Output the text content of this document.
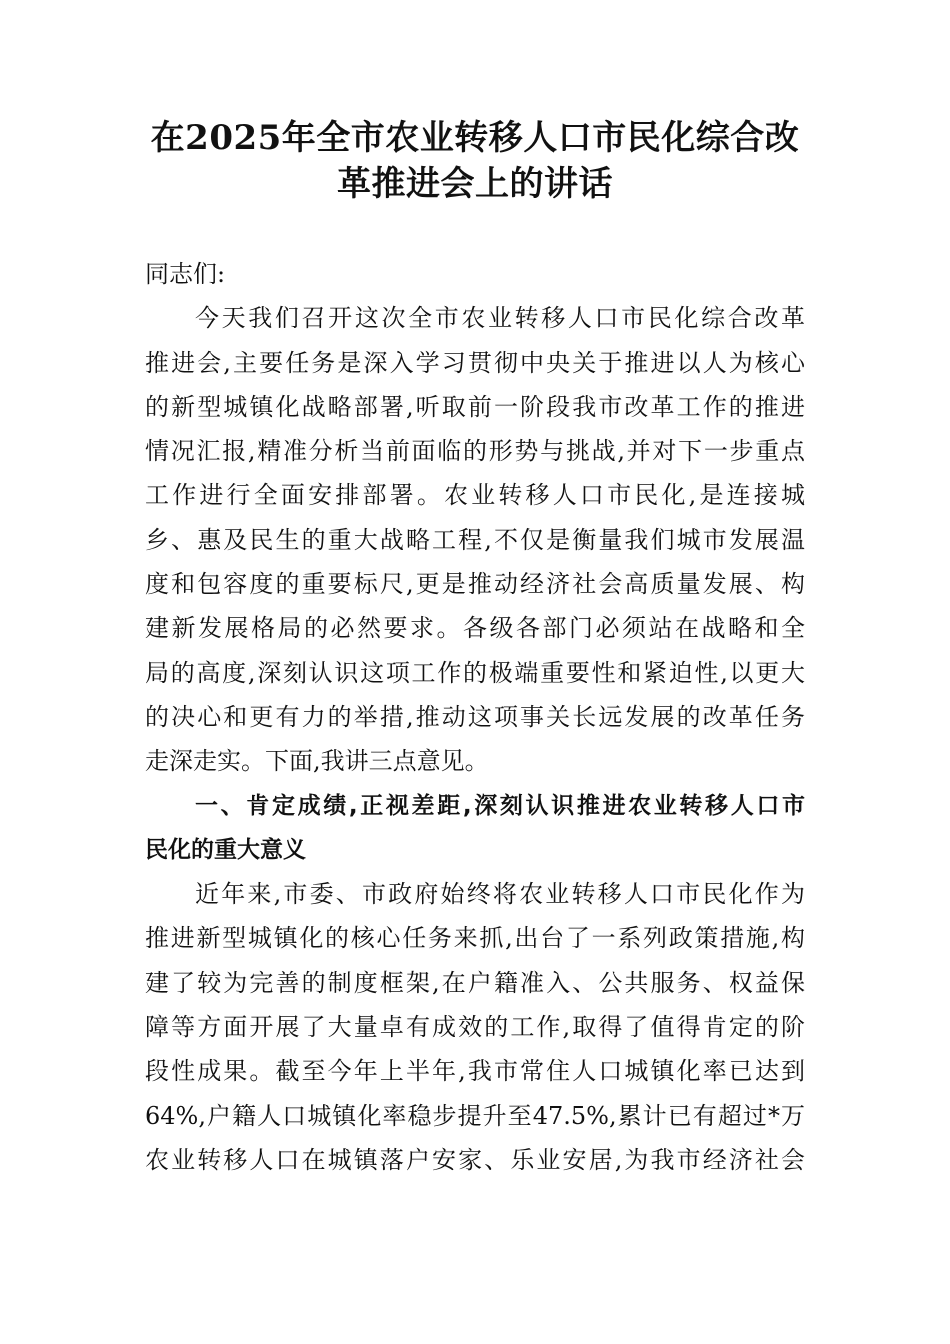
在2025年全市农业转移人口市民化综合改
革推进会上的讲话
同志们:
今天我们召开这次全市农业转移人口市民化综合改革
推进会,主要任务是深入学习贯彻中央关于推进以人为核心
的新型城镇化战略部署,听取前一阶段我市改革工作的推进
情况汇报,精准分析当前面临的形势与挑战,并对下一步重点
工作进行全面安排部署。农业转移人口市民化,是连接城
乡、惠及民生的重大战略工程,不仅是衡量我们城市发展温
度和包容度的重要标尺,更是推动经济社会高质量发展、构
建新发展格局的必然要求。各级各部门必须站在战略和全
局的高度,深刻认识这项工作的极端重要性和紧迫性,以更大
的决心和更有力的举措,推动这项事关长远发展的改革任务
走深走实。下面,我讲三点意见。
一、肯定成绩,正视差距,深刻认识推进农业转移人口市
民化的重大意义
近年来,市委、市政府始终将农业转移人口市民化作为
推进新型城镇化的核心任务来抓,出台了一系列政策措施,构
建了较为完善的制度框架,在户籍准入、公共服务、权益保
障等方面开展了大量卓有成效的工作,取得了值得肯定的阶
段性成果。截至今年上半年,我市常住人口城镇化率已达到
64%,户籍人口城镇化率稳步提升至47.5%,累计已有超过*万
农业转移人口在城镇落户安家、乐业安居,为我市经济社会
